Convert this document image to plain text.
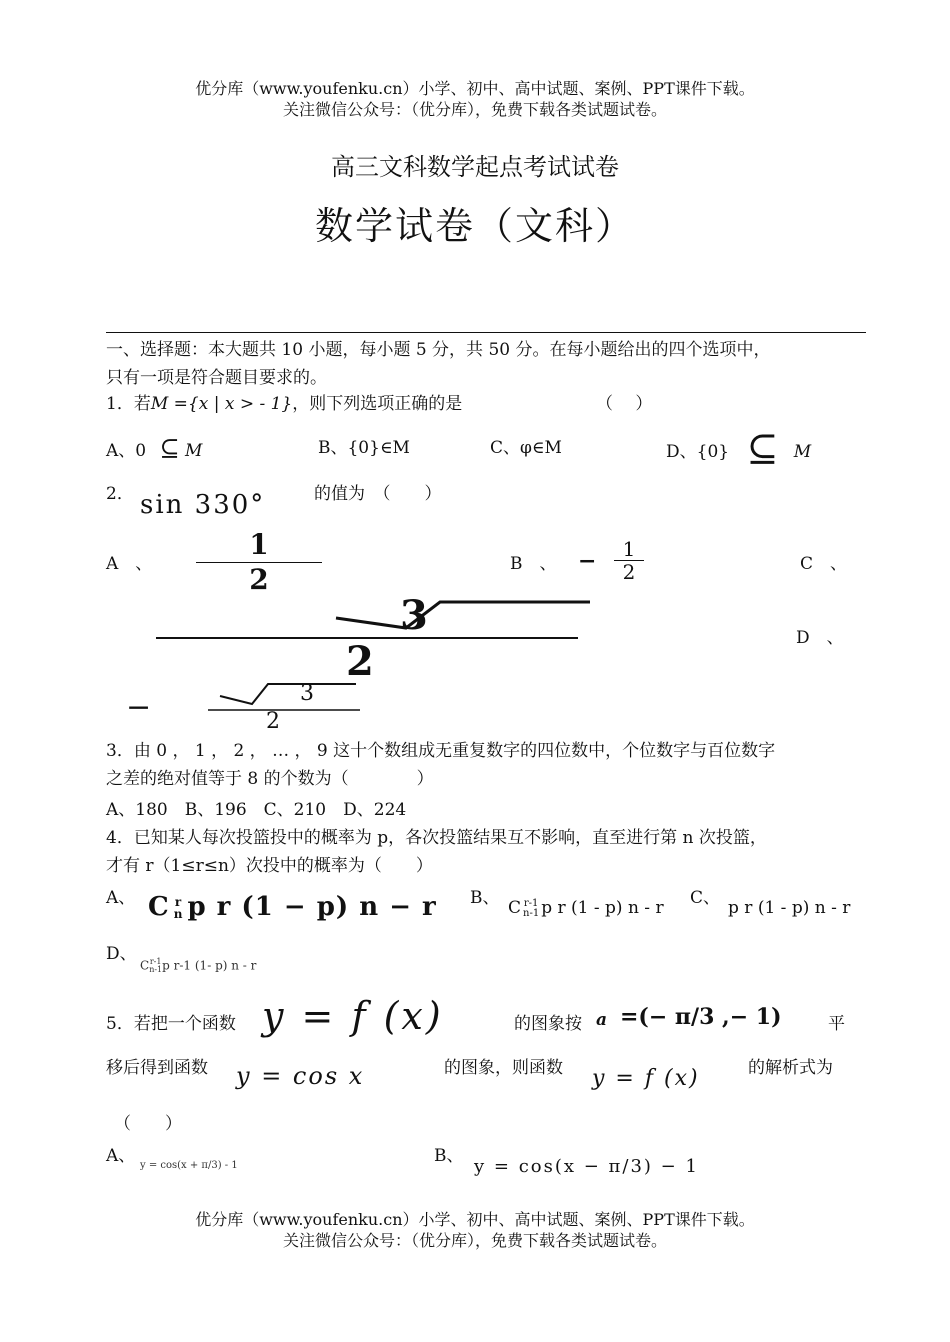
优分库（www.youfenku.cn）小学、初中、高中试题、案例、PPT课件下载。
关注微信公众号：（优分库），免费下载各类试题试卷。
高三文科数学起点考试试卷
数学试卷（文科）
一、选择题：本大题共 10 小题，每小题 5 分，共 50 分。在每小题给出的四个选项中，
只有一项是符合题目要求的。
1．若M ={x | x > - 1}，则下列选项正确的是	（　 ）
A、0 ⊆ M	B、{0}∈M	C、φ∈M	D、{0} ⊆ M
2． sin 330°	的值为　（　　）
A　、
1
2	B　、 −	1
2	C　、
3
2	D　、
−	3
2
3．由 0 ， 1 ， 2 ， … ， 9 这十个数组成无重复数字的四位数中，个位数字与百位数字
之差的绝对值等于 8 的个数为（　　　　）
A、180　B、196　C、210　D、224
4．已知某人每次投篮投中的概率为 p，各次投篮结果互不影响，直至进行第 n 次投篮，
才有 r（1≤r≤n）次投中的概率为（　　）
A、 C r
n p r (1 − p) n − r B、 C r-1
n-1 p r (1 - p) n - r C、 p r (1 - p) n - r
D、
C r-1
n-1 p r-1 (1- p) n - r
5．若把一个函数 y = f (x)	的图象按 a =(− π/3 ,− 1)	平
移后得到函数 y = cos x	的图象，则函数 y = f (x)	的解析式为
（　　）
A、 y = cos(x + π/3) - 1	B、 y = cos(x − π/3) − 1
优分库（www.youfenku.cn）小学、初中、高中试题、案例、PPT课件下载。
关注微信公众号：（优分库），免费下载各类试题试卷。
